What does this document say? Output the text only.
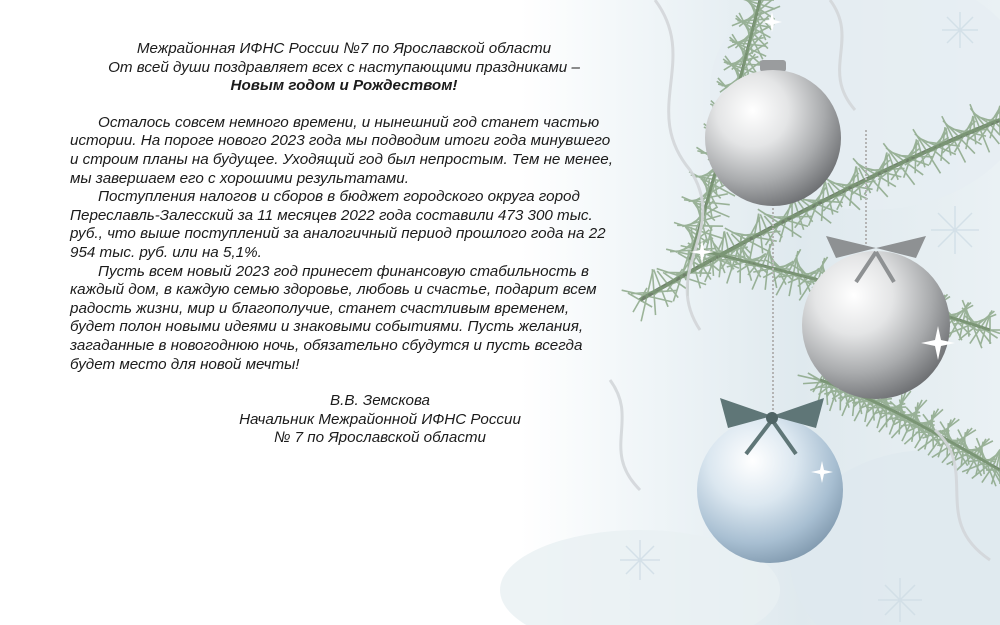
Межрайонная ИФНС России №7 по Ярославской области
От всей души поздравляет всех с наступающими праздниками –
Новым годом и Рождеством!

Осталось совсем немного времени, и нынешний год станет частью истории. На пороге нового 2023 года мы подводим итоги года минувшего и строим планы на будущее. Уходящий год был непростым. Тем не менее, мы завершаем его с хорошими результатами.

Поступления налогов и сборов в бюджет городского округа город Переславль-Залесский за 11 месяцев 2022 года составили 473 300 тыс. руб., что выше поступлений за аналогичный период прошлого года на 22 954 тыс. руб. или на 5,1%.

Пусть всем новый 2023 год принесет финансовую стабильность в каждый дом, в каждую семью здоровье, любовь и счастье, подарит всем радость жизни, мир и благополучие, станет счастливым временем, будет полон новыми идеями и знаковыми событиями. Пусть желания, загаданные в новогоднюю ночь, обязательно сбудутся и пусть всегда будет место для новой мечты!

В.В. Земскова
Начальник Межрайонной ИФНС России
№ 7 по Ярославской области
